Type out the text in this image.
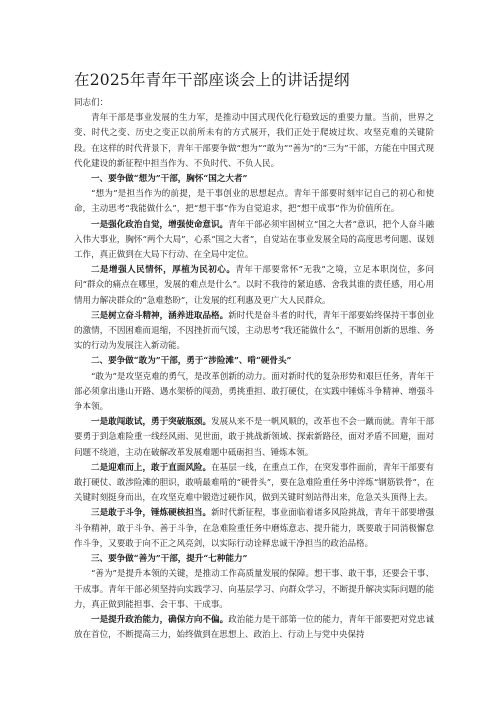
在2025年青年干部座谈会上的讲话提纲

同志们：

青年干部是事业发展的生力军，是推动中国式现代化行稳致远的重要力量。当前，世界之变、时代之变、历史之变正以前所未有的方式展开，我们正处于爬坡过坎、攻坚克难的关键阶段。在这样的时代背景下，青年干部要争做“想为”“敢为”“善为”的“三为”干部，方能在中国式现代化建设的新征程中担当作为、不负时代、不负人民。

一、要争做“想为”干部，胸怀“国之大者”

“想为”是担当作为的前提，是干事创业的思想起点。青年干部要时刻牢记自己的初心和使命，主动思考“我能做什么”，把“想干事”作为自觉追求，把“想干成事”作为价值所在。

一是强化政治自觉，增强使命意识。青年干部必须牢固树立“国之大者”意识，把个人奋斗融入伟大事业，胸怀“两个大局”，心系“国之大者”，自觉站在事业发展全局的高度思考问题、谋划工作，真正做到在大局下行动、在全局中定位。

二是增强人民情怀，厚植为民初心。青年干部要常怀“无我”之境，立足本职岗位，多问问“群众的痛点在哪里，发展的难点是什么”。以时不我待的紧迫感、舍我其谁的责任感，用心用情用力解决群众的“急难愁盼”，让发展的红利惠及更广大人民群众。

三是树立奋斗精神，涵养进取品格。新时代是奋斗者的时代，青年干部要始终保持干事创业的激情，不因困难而退缩，不因挫折而气馁，主动思考“我还能做什么”，不断用创新的思维、务实的行动为发展注入新动能。

二、要争做“敢为”干部，勇于“涉险滩”、啃“硬骨头”

“敢为”是攻坚克难的勇气，是改革创新的动力。面对新时代的复杂形势和艰巨任务，青年干部必须拿出逢山开路、遇水架桥的闯劲，勇挑重担、敢打硬仗，在实践中锤炼斗争精神、增强斗争本领。

一是敢闯敢试，勇于突破瓶颈。发展从来不是一帆风顺的，改革也不会一蹴而就。青年干部要勇于到急难险重一线经风雨、见世面，敢于挑战新领域、探索新路径，面对矛盾不回避，面对问题不绕道，主动在破解改革发展难题中砥砺担当、锤炼本领。

二是迎难而上，敢于直面风险。在基层一线，在重点工作，在突发事件面前，青年干部要有敢打硬仗、敢涉险滩的胆识，敢啃最难啃的“硬骨头”，要在急难险重任务中淬炼“钢筋铁骨”，在关键时刻挺身而出，在攻坚克难中锻造过硬作风，做到关键时刻站得出来，危急关头顶得上去。

三是敢于斗争，锤炼硬核担当。新时代新征程，事业面临着诸多风险挑战，青年干部要增强斗争精神，敢于斗争、善于斗争，在急难险重任务中磨炼意志、提升能力，既要敢于同消极懈怠作斗争，又要敢于向不正之风亮剑，以实际行动诠释忠诚干净担当的政治品格。

三、要争做“善为”干部，提升“七种能力”

“善为”是提升本领的关键，是推动工作高质量发展的保障。想干事、敢干事，还要会干事、干成事。青年干部必须坚持向实践学习、向基层学习、向群众学习，不断提升解决实际问题的能力，真正做到能担事、会干事、干成事。

一是提升政治能力，确保方向不偏。政治能力是干部第一位的能力，青年干部要把对党忠诚放在首位，不断提高三力，始终做到在思想上、政治上、行动上与党中央保持
